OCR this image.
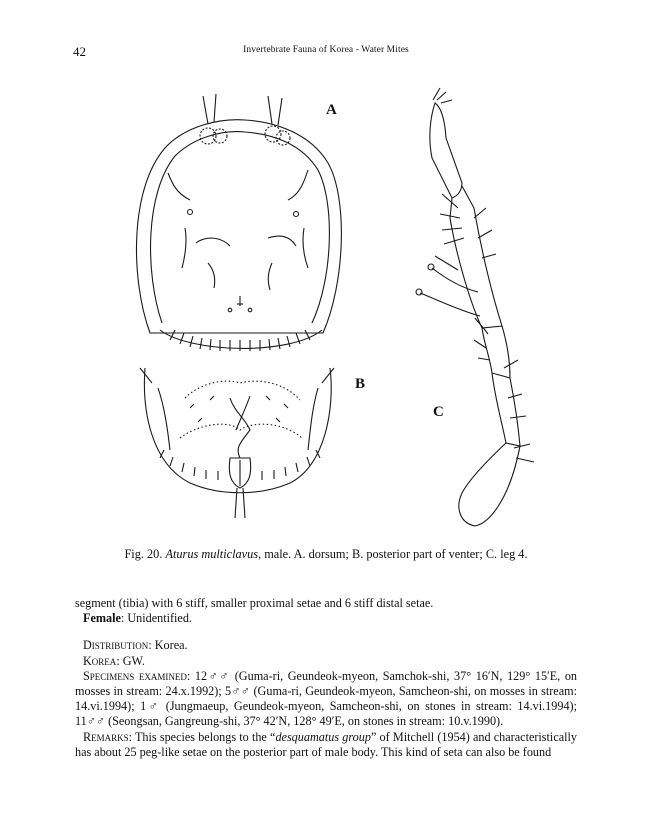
42	Invertebrate Fauna of Korea - Water Mites
A
B
C
Fig. 20. Aturus multiclavus, male. A. dorsum; B. posterior part of venter; C. leg 4.

segment (tibia) with 6 stiff, smaller proximal setae and 6 stiff distal setae.

Female: Unidentified.

Distribution: Korea.

Korea: GW.

Specimens examined: 12♂♂ (Guma-ri, Geundeok-myeon, Samchok-shi, 37° 16′N, 129° 15′E, on mosses in stream: 24.x.1992); 5♂♂ (Guma-ri, Geundeok-myeon, Samcheon-shi, on mosses in stream: 14.vi.1994); 1♂ (Jungmaeup, Geundeok-myeon, Samcheon-shi, on stones in stream: 14.vi.1994); 11♂♂ (Seongsan, Gangreung-shi, 37° 42′N, 128° 49′E, on stones in stream: 10.v.1990).

Remarks: This species belongs to the “desquamatus group” of Mitchell (1954) and characteristically has about 25 peg-like setae on the posterior part of male body. This kind of seta can also be found
